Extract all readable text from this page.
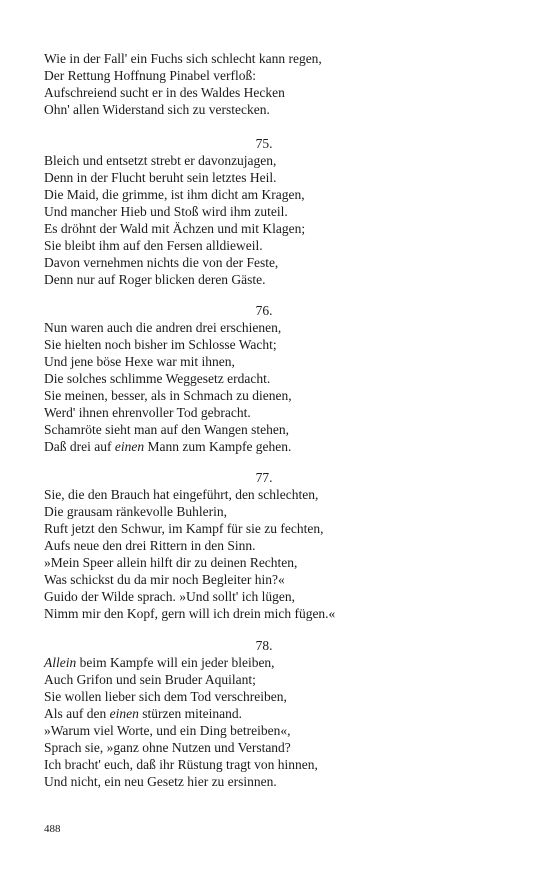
Wie in der Fall' ein Fuchs sich schlecht kann regen,
Der Rettung Hoffnung Pinabel verfloß:
Aufschreiend sucht er in des Waldes Hecken
Ohn' allen Widerstand sich zu verstecken.
75.
Bleich und entsetzt strebt er davonzujagen,
Denn in der Flucht beruht sein letztes Heil.
Die Maid, die grimme, ist ihm dicht am Kragen,
Und mancher Hieb und Stoß wird ihm zuteil.
Es dröhnt der Wald mit Ächzen und mit Klagen;
Sie bleibt ihm auf den Fersen alldieweil.
Davon vernehmen nichts die von der Feste,
Denn nur auf Roger blicken deren Gäste.
76.
Nun waren auch die andren drei erschienen,
Sie hielten noch bisher im Schlosse Wacht;
Und jene böse Hexe war mit ihnen,
Die solches schlimme Weggesetz erdacht.
Sie meinen, besser, als in Schmach zu dienen,
Werd' ihnen ehrenvoller Tod gebracht.
Schamröte sieht man auf den Wangen stehen,
Daß drei auf einen Mann zum Kampfe gehen.
77.
Sie, die den Brauch hat eingeführt, den schlechten,
Die grausam ränkevolle Buhlerin,
Ruft jetzt den Schwur, im Kampf für sie zu fechten,
Aufs neue den drei Rittern in den Sinn.
»Mein Speer allein hilft dir zu deinen Rechten,
Was schickst du da mir noch Begleiter hin?«
Guido der Wilde sprach. »Und sollt' ich lügen,
Nimm mir den Kopf, gern will ich drein mich fügen.«
78.
Allein beim Kampfe will ein jeder bleiben,
Auch Grifon und sein Bruder Aquilant;
Sie wollen lieber sich dem Tod verschreiben,
Als auf den einen stürzen miteinand.
»Warum viel Worte, und ein Ding betreiben«,
Sprach sie, »ganz ohne Nutzen und Verstand?
Ich bracht' euch, daß ihr Rüstung tragt von hinnen,
Und nicht, ein neu Gesetz hier zu ersinnen.
488
